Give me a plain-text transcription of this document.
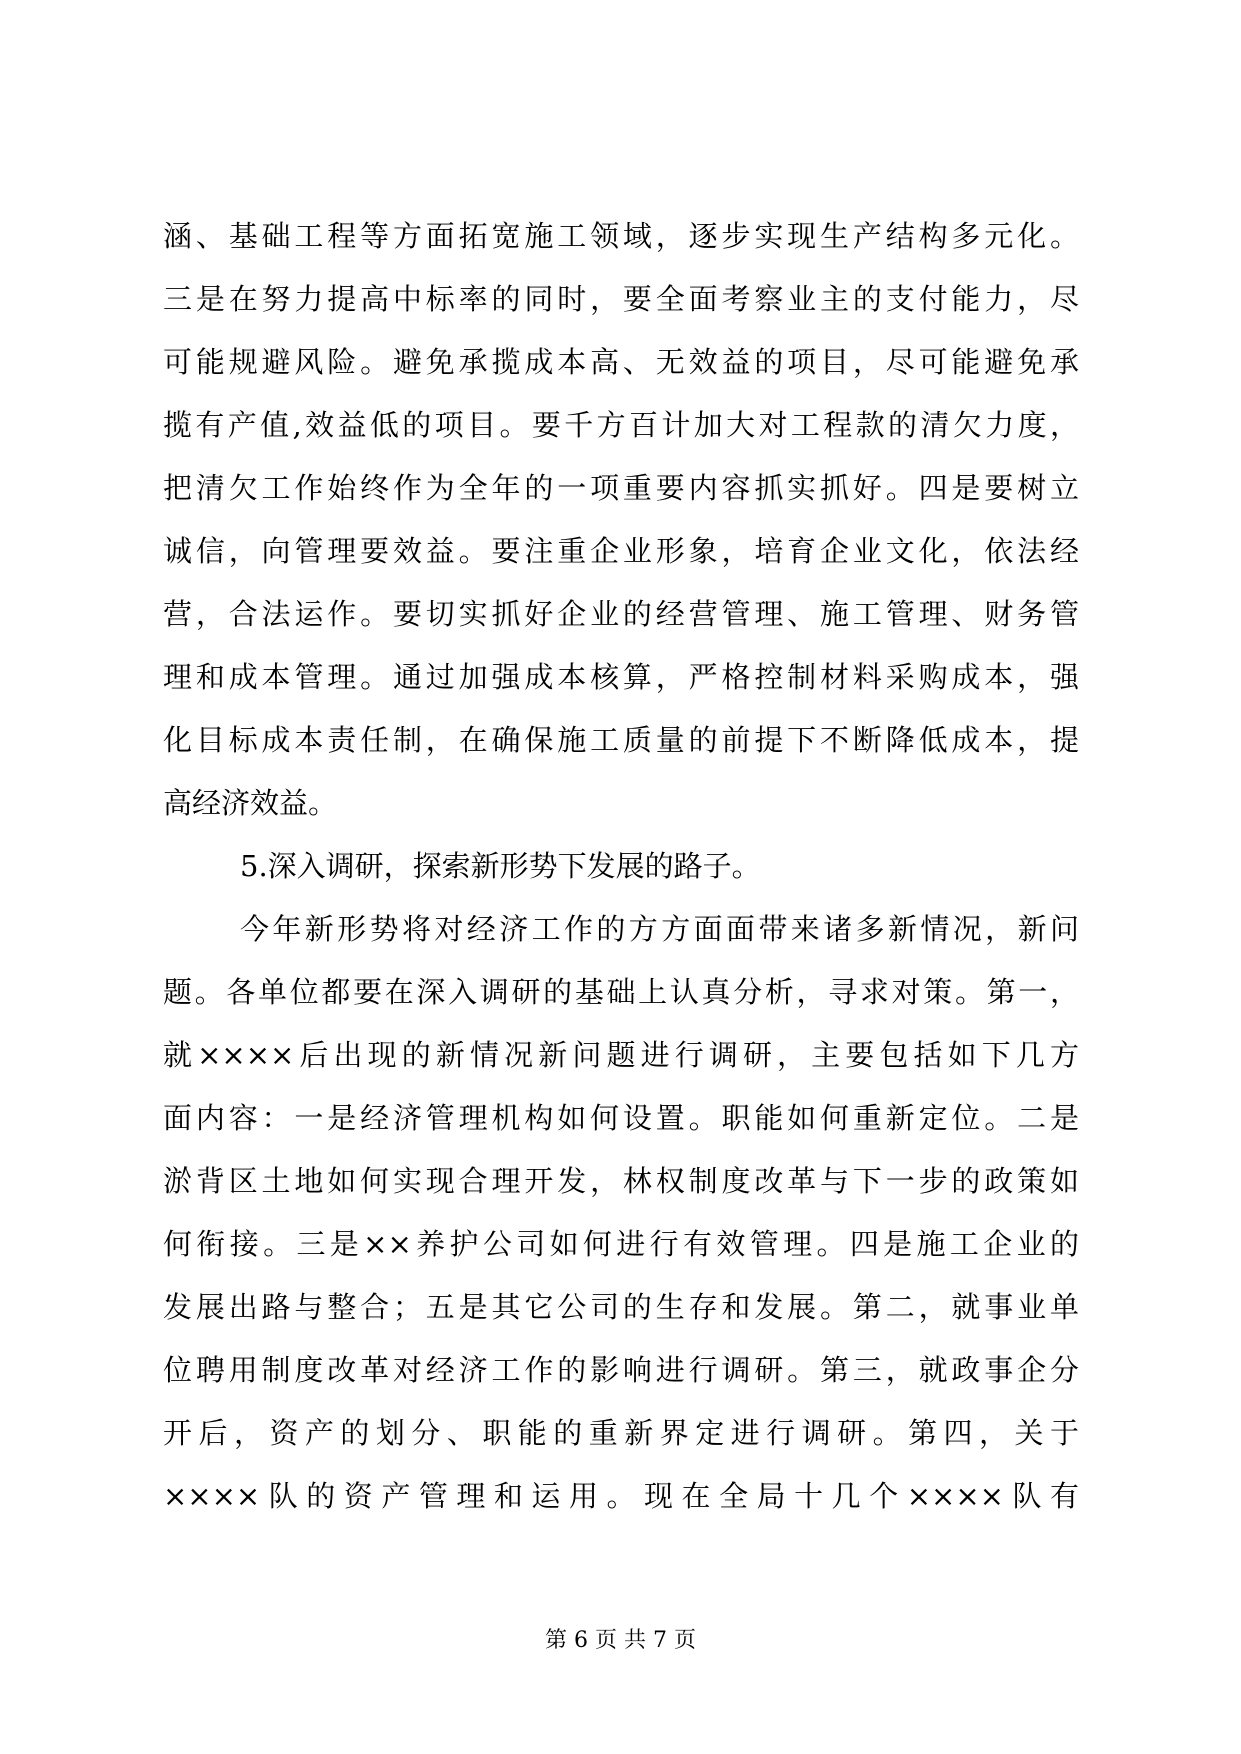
涵、基础工程等方面拓宽施工领域，逐步实现生产结构多元化。
三是在努力提高中标率的同时，要全面考察业主的支付能力，尽
可能规避风险。避免承揽成本高、无效益的项目，尽可能避免承
揽有产值,效益低的项目。要千方百计加大对工程款的清欠力度，
把清欠工作始终作为全年的一项重要内容抓实抓好。四是要树立
诚信，向管理要效益。要注重企业形象，培育企业文化，依法经
营，合法运作。要切实抓好企业的经营管理、施工管理、财务管
理和成本管理。通过加强成本核算，严格控制材料采购成本，强
化目标成本责任制，在确保施工质量的前提下不断降低成本，提
高经济效益。
5.深入调研，探索新形势下发展的路子。
今年新形势将对经济工作的方方面面带来诸多新情况，新问
题。各单位都要在深入调研的基础上认真分析，寻求对策。第一，
就××××后出现的新情况新问题进行调研，主要包括如下几方
面内容：一是经济管理机构如何设置。职能如何重新定位。二是
淤背区土地如何实现合理开发，林权制度改革与下一步的政策如
何衔接。三是××养护公司如何进行有效管理。四是施工企业的
发展出路与整合；五是其它公司的生存和发展。第二，就事业单
位聘用制度改革对经济工作的影响进行调研。第三，就政事企分
开后，资产的划分、职能的重新界定进行调研。第四，关于
××××队的资产管理和运用。现在全局十几个××××队有
第 6 页 共 7 页
